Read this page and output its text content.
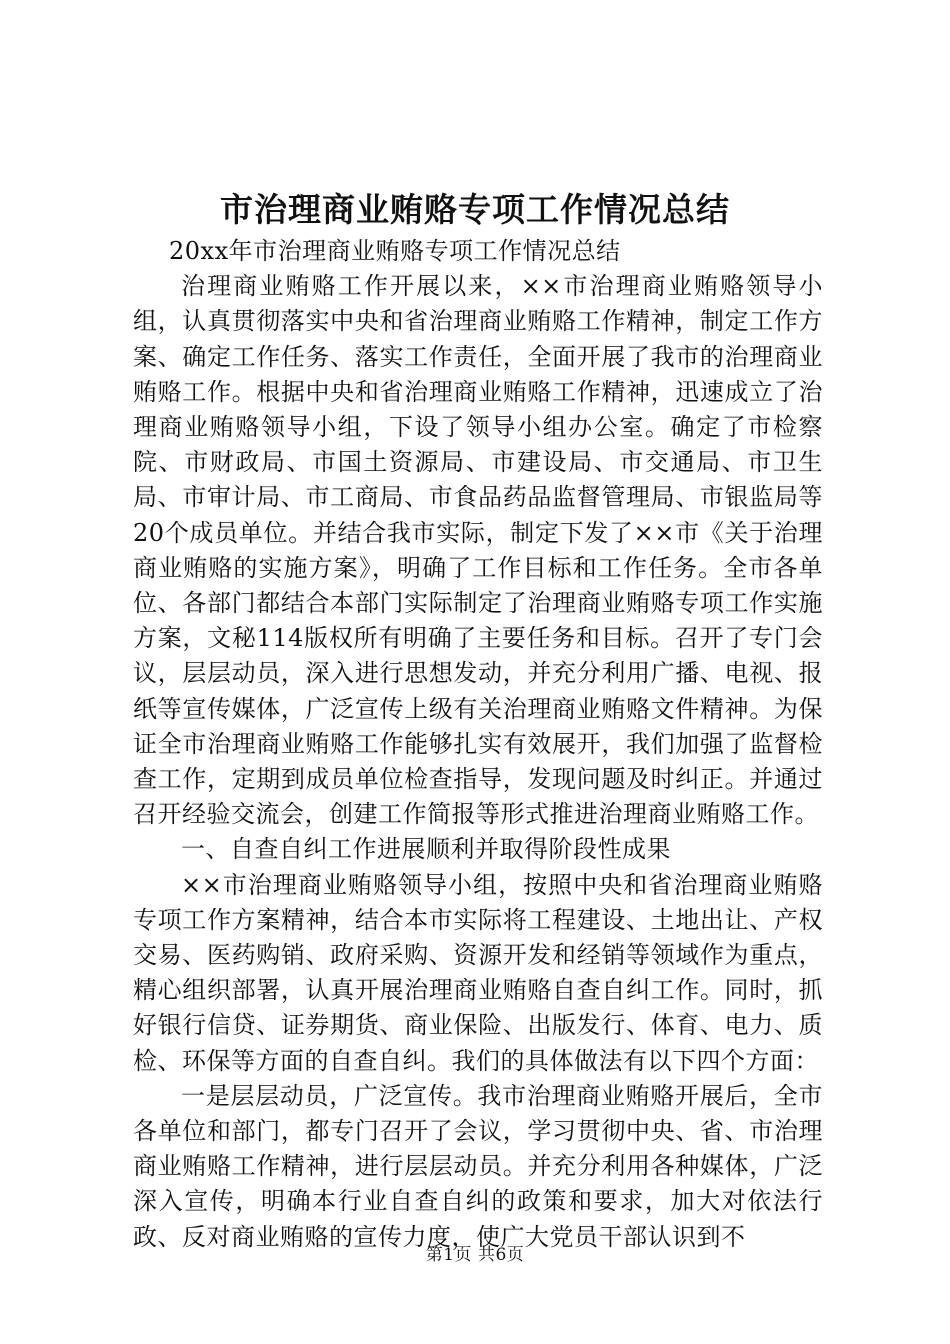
市治理商业贿赂专项工作情况总结

20xx年市治理商业贿赂专项工作情况总结

治理商业贿赂工作开展以来，××市治理商业贿赂领导小组，认真贯彻落实中央和省治理商业贿赂工作精神，制定工作方案、确定工作任务、落实工作责任，全面开展了我市的治理商业贿赂工作。根据中央和省治理商业贿赂工作精神，迅速成立了治理商业贿赂领导小组，下设了领导小组办公室。确定了市检察院、市财政局、市国土资源局、市建设局、市交通局、市卫生局、市审计局、市工商局、市食品药品监督管理局、市银监局等20个成员单位。并结合我市实际，制定下发了××市《关于治理商业贿赂的实施方案》，明确了工作目标和工作任务。全市各单位、各部门都结合本部门实际制定了治理商业贿赂专项工作实施方案，文秘114版权所有明确了主要任务和目标。召开了专门会议，层层动员，深入进行思想发动，并充分利用广播、电视、报纸等宣传媒体，广泛宣传上级有关治理商业贿赂文件精神。为保证全市治理商业贿赂工作能够扎实有效展开，我们加强了监督检查工作，定期到成员单位检查指导，发现问题及时纠正。并通过召开经验交流会，创建工作简报等形式推进治理商业贿赂工作。

一、自查自纠工作进展顺利并取得阶段性成果

××市治理商业贿赂领导小组，按照中央和省治理商业贿赂专项工作方案精神，结合本市实际将工程建设、土地出让、产权交易、医药购销、政府采购、资源开发和经销等领域作为重点，精心组织部署，认真开展治理商业贿赂自查自纠工作。同时，抓好银行信贷、证券期货、商业保险、出版发行、体育、电力、质检、环保等方面的自查自纠。我们的具体做法有以下四个方面：

一是层层动员，广泛宣传。我市治理商业贿赂开展后，全市各单位和部门，都专门召开了会议，学习贯彻中央、省、市治理商业贿赂工作精神，进行层层动员。并充分利用各种媒体，广泛深入宣传，明确本行业自查自纠的政策和要求，加大对依法行政、反对商业贿赂的宣传力度，使广大党员干部认识到不

第1页 共6页
